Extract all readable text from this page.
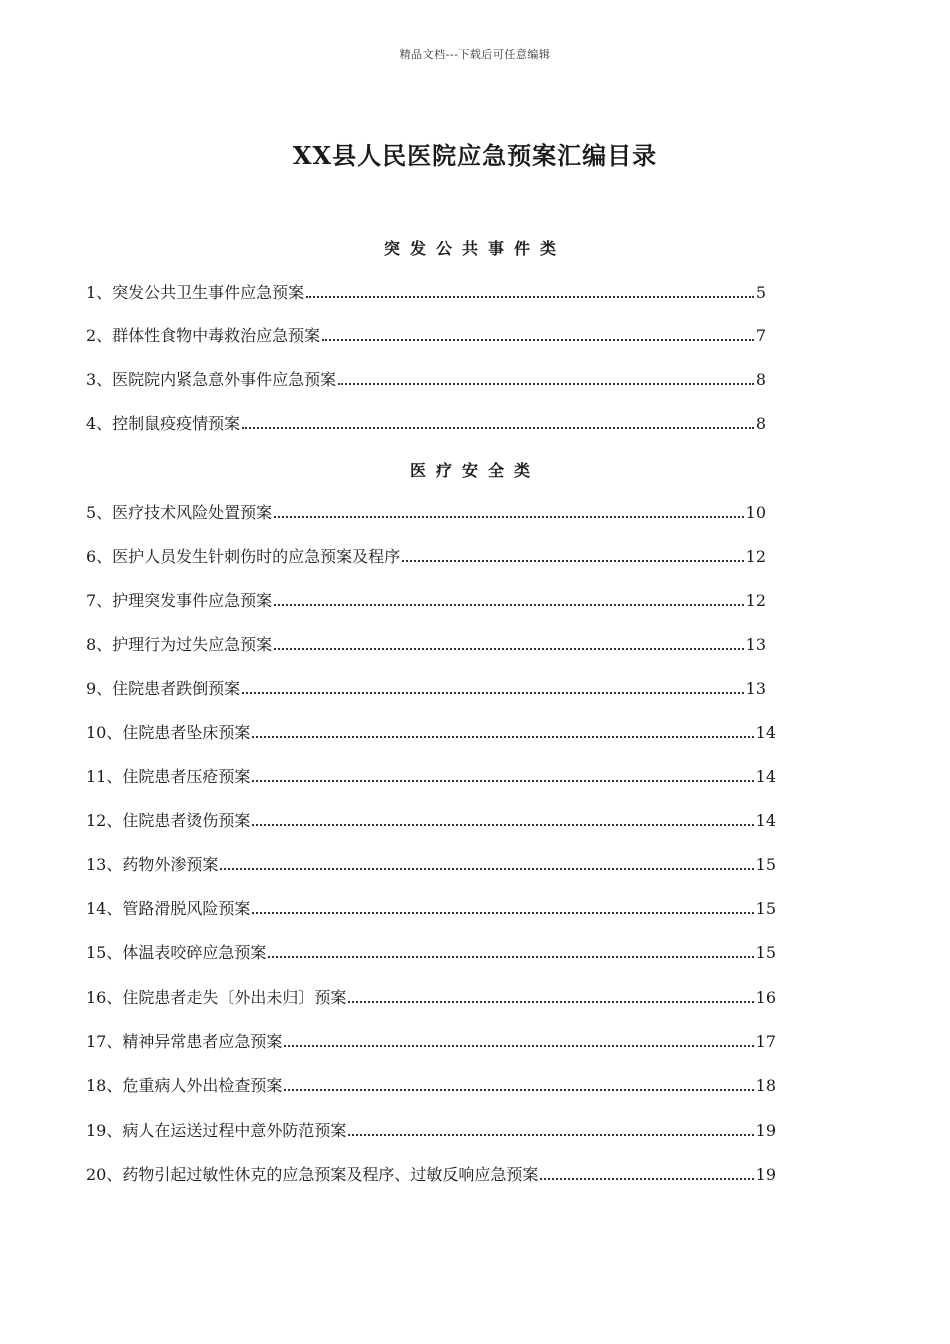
精品文档---下载后可任意编辑
XX县人民医院应急预案汇编目录
突发公共事件类
1、突发公共卫生事件应急预案	5
2、群体性食物中毒救治应急预案	7
3、医院院内紧急意外事件应急预案	8
4、控制鼠疫疫情预案	8
医疗安全类
5、医疗技术风险处置预案	10
6、医护人员发生针刺伤时的应急预案及程序	12
7、护理突发事件应急预案	12
8、护理行为过失应急预案	13
9、住院患者跌倒预案	13
10、住院患者坠床预案	14
11、住院患者压疮预案	14
12、住院患者烫伤预案	14
13、药物外渗预案	15
14、管路滑脱风险预案	15
15、体温表咬碎应急预案	15
16、住院患者走失〔外出未归〕预案	16
17、精神异常患者应急预案	17
18、危重病人外出检查预案	18
19、病人在运送过程中意外防范预案	19
20、药物引起过敏性休克的应急预案及程序、过敏反响应急预案	19
